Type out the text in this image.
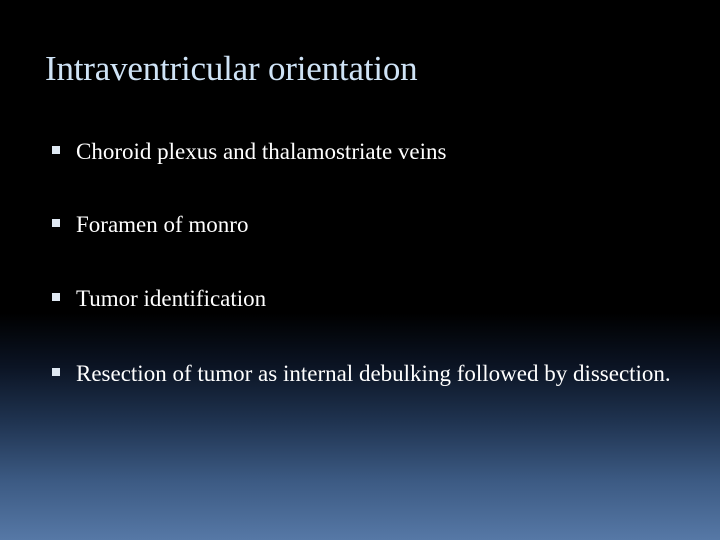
Intraventricular orientation
Choroid plexus and thalamostriate veins
Foramen of monro
Tumor identification
Resection of tumor as internal debulking followed by dissection.
